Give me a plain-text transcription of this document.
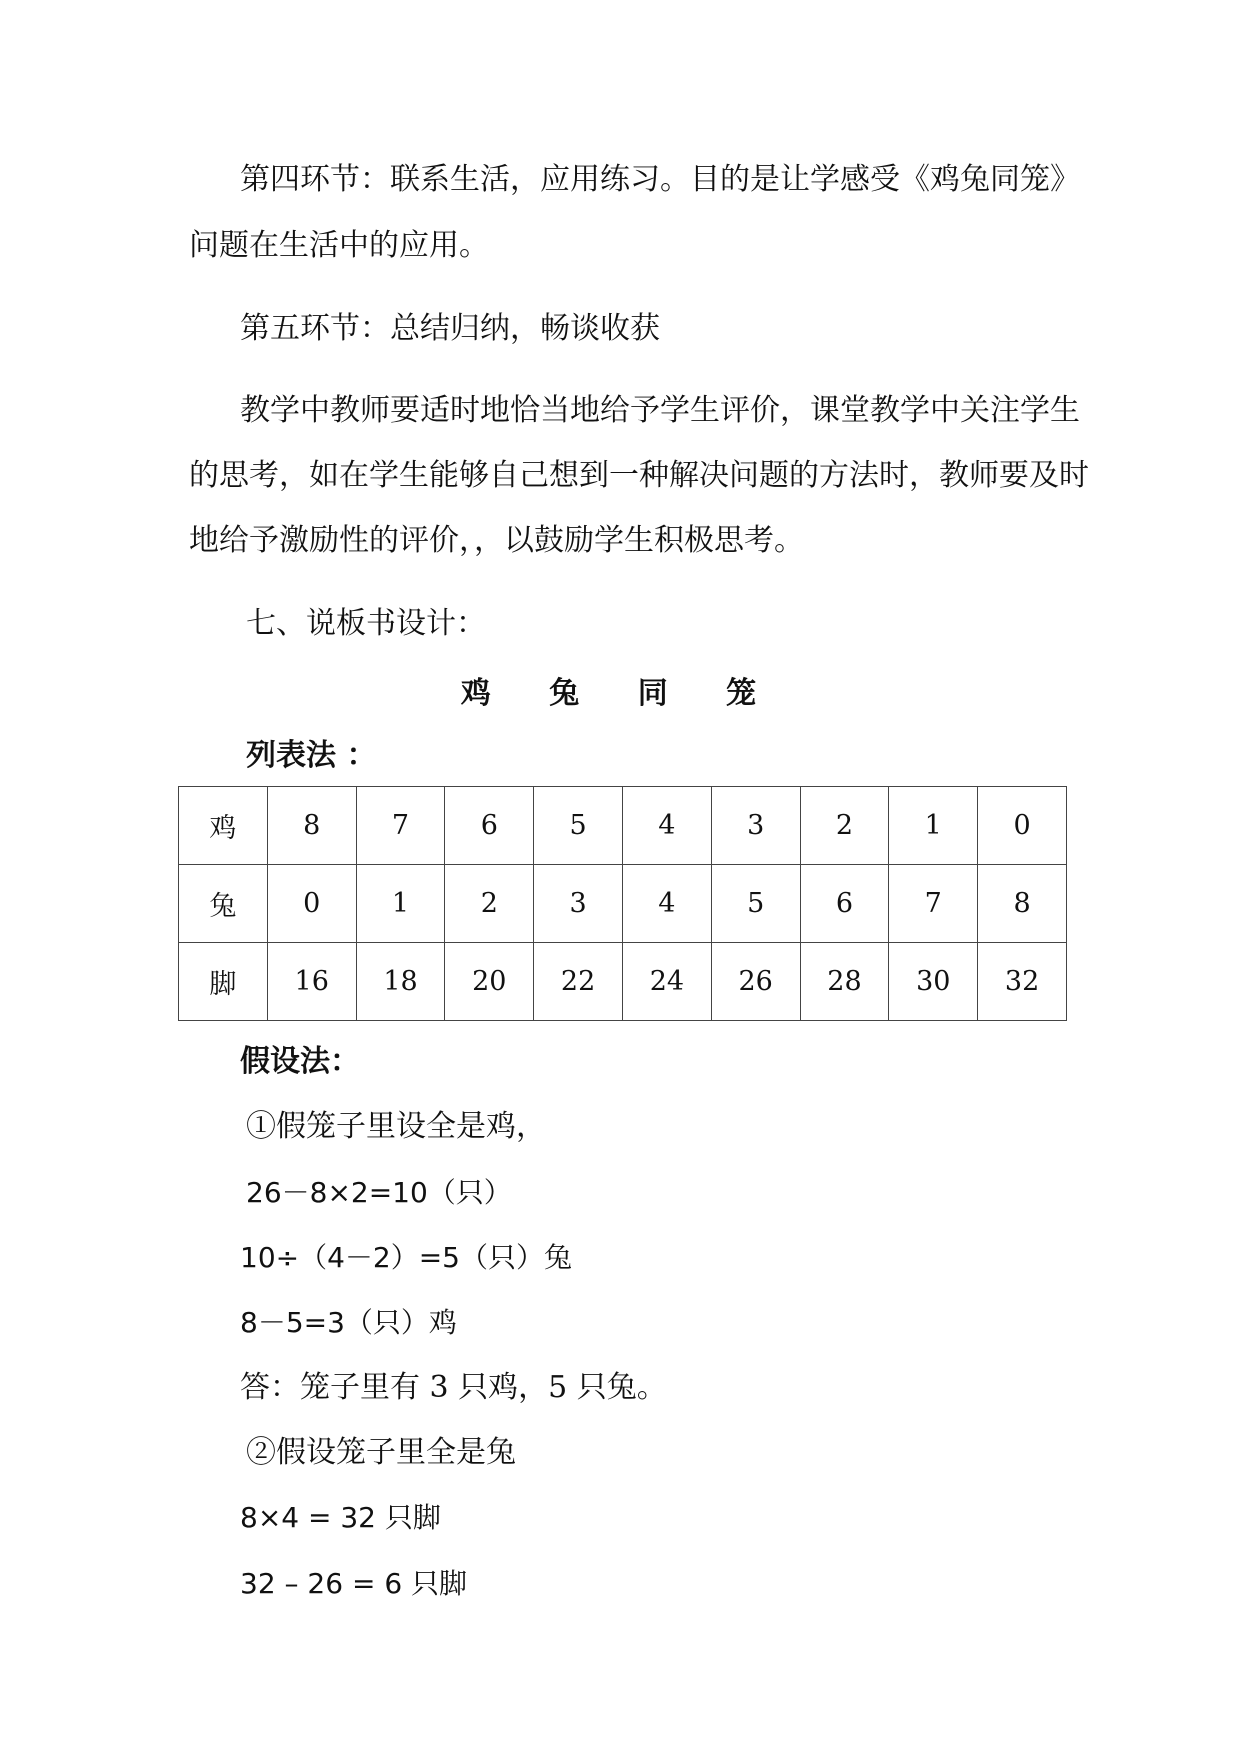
第四环节：联系生活，应用练习。目的是让学感受《鸡兔同笼》

问题在生活中的应用。

第五环节：总结归纳，畅谈收获

教学中教师要适时地恰当地给予学生评价，课堂教学中关注学生

的思考，如在学生能够自己想到一种解决问题的方法时，教师要及时

地给予激励性的评价，，以鼓励学生积极思考。

七、说板书设计：

鸡 兔 同 笼

列表法 ：

鸡	8	7	6	5	4	3	2	1	0
兔	0	1	2	3	4	5	6	7	8
脚	16	18	20	22	24	26	28	30	32

假设法：

①假笼子里设全是鸡，

26－8×2=10（只）

10÷（4－2）=5（只）兔

8－5=3（只）鸡

答：笼子里有 3 只鸡，5 只兔。

②假设笼子里全是兔

8×4 = 32 只脚

32 – 26 = 6 只脚
